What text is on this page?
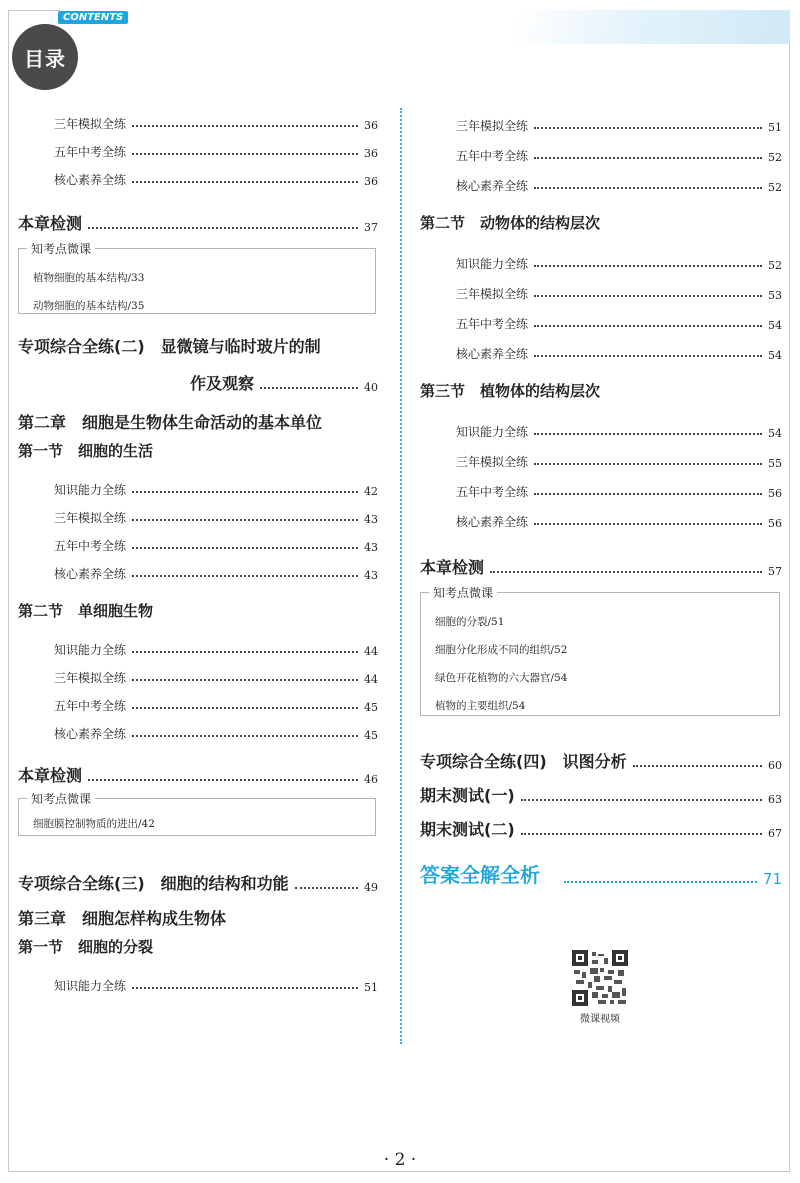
目录
CONTENTS
三年模拟全练	36
五年中考全练	36
核心素养全练	36
本章检测	37
知考点微课
植物细胞的基本结构/33
动物细胞的基本结构/35
专项综合全练(二)　显微镜与临时玻片的制
作及观察	40
第二章　细胞是生物体生命活动的基本单位
第一节　细胞的生活
知识能力全练	42
三年模拟全练	43
五年中考全练	43
核心素养全练	43
第二节　单细胞生物
知识能力全练	44
三年模拟全练	44
五年中考全练	45
核心素养全练	45
本章检测	46
知考点微课
细胞膜控制物质的进出/42
专项综合全练(三)　细胞的结构和功能	49
第三章　细胞怎样构成生物体
第一节　细胞的分裂
知识能力全练	51
三年模拟全练	51
五年中考全练	52
核心素养全练	52
第二节　动物体的结构层次
知识能力全练	52
三年模拟全练	53
五年中考全练	54
核心素养全练	54
第三节　植物体的结构层次
知识能力全练	54
三年模拟全练	55
五年中考全练	56
核心素养全练	56
本章检测	57
知考点微课
细胞的分裂/51
细胞分化形成不同的组织/52
绿色开花植物的六大器官/54
植物的主要组织/54
专项综合全练(四)　识图分析	60
期末测试(一)	63
期末测试(二)	67
答案全解全析	71
微课视频
· 2 ·
